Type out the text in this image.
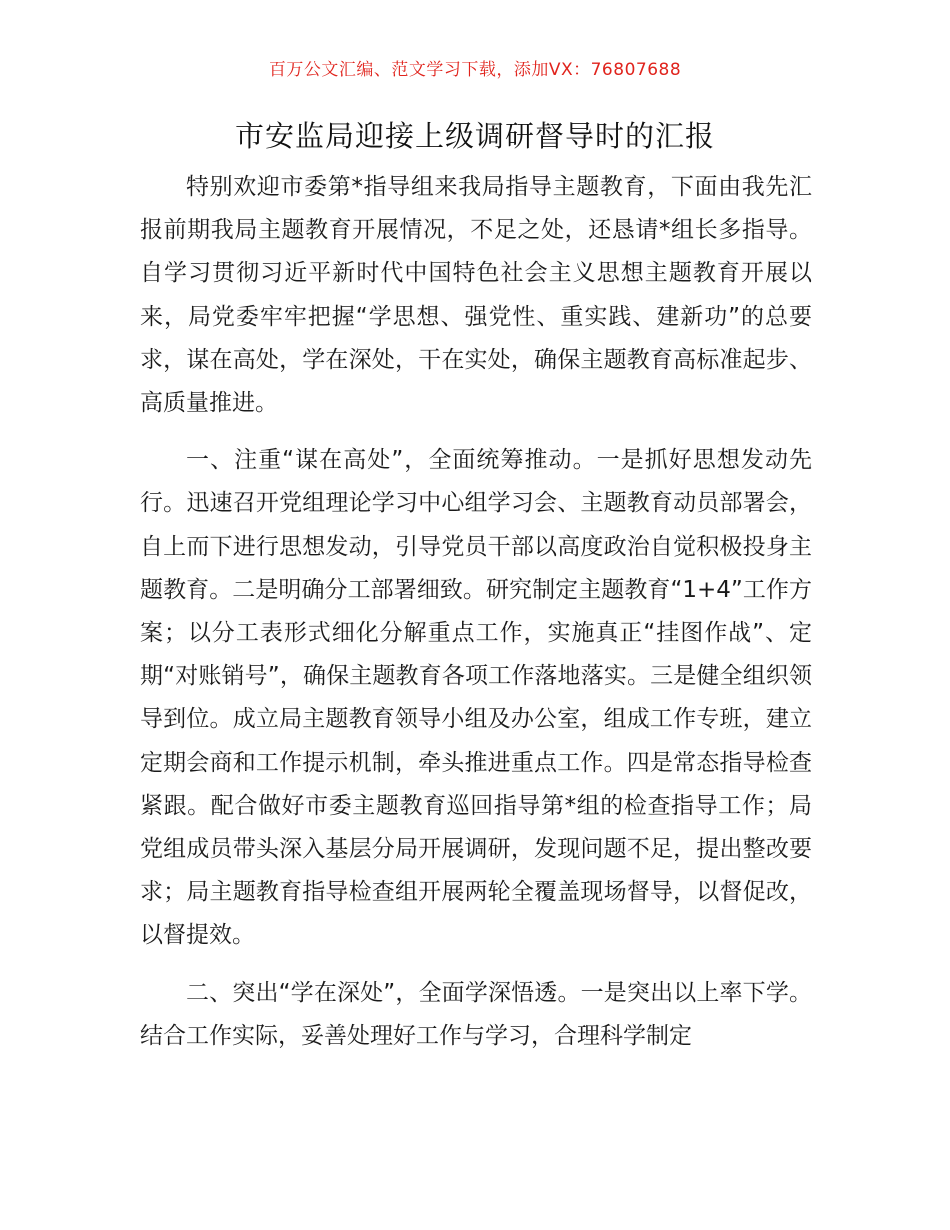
百万公文汇编、范文学习下载，添加VX：76807688
市安监局迎接上级调研督导时的汇报

特别欢迎市委第*指导组来我局指导主题教育，下面由我先汇报前期我局主题教育开展情况，不足之处，还恳请*组长多指导。自学习贯彻习近平新时代中国特色社会主义思想主题教育开展以来，局党委牢牢把握“学思想、强党性、重实践、建新功”的总要求，谋在高处，学在深处，干在实处，确保主题教育高标准起步、高质量推进。

一、注重“谋在高处”，全面统筹推动。一是抓好思想发动先行。迅速召开党组理论学习中心组学习会、主题教育动员部署会，自上而下进行思想发动，引导党员干部以高度政治自觉积极投身主题教育。二是明确分工部署细致。研究制定主题教育“1+4”工作方案；以分工表形式细化分解重点工作，实施真正“挂图作战”、定期“对账销号”，确保主题教育各项工作落地落实。三是健全组织领导到位。成立局主题教育领导小组及办公室，组成工作专班，建立定期会商和工作提示机制，牵头推进重点工作。四是常态指导检查紧跟。配合做好市委主题教育巡回指导第*组的检查指导工作；局党组成员带头深入基层分局开展调研，发现问题不足，提出整改要求；局主题教育指导检查组开展两轮全覆盖现场督导，以督促改，以督提效。

二、突出“学在深处”，全面学深悟透。一是突出以上率下学。结合工作实际，妥善处理好工作与学习，合理科学制定
